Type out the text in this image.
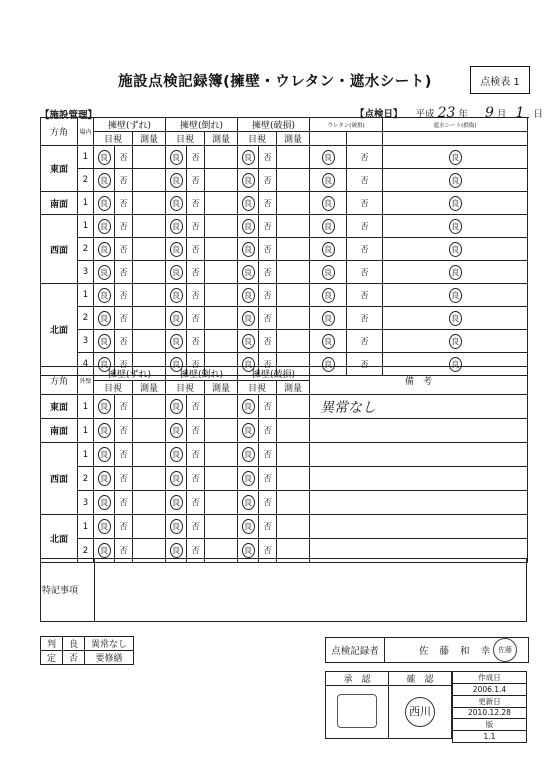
施設点検記録簿(擁壁・ウレタン・遮水シート)	点検表 1
【施設管理】	【点検日】 平成 23 年 9 月 1 日
方角	場内	擁壁(ずれ)			擁壁(倒れ)			擁壁(破損)			ウレタン(破損)		遮水シート(損傷)	
		目視		測量	目視		測量	目視		測量				
東面	1	良	否		良	否		良	否		良	否	良		
	2	良	否		良	否		良	否		良	否	良		
南面	1	良	否		良	否		良	否		良	否	良		
西面	1	良	否		良	否		良	否		良	否	良		
	2	良	否		良	否		良	否		良	否	良		
	3	良	否		良	否		良	否		良	否	良		
北面	1	良	否		良	否		良	否		良	否	良		
	2	良	否		良	否		良	否		良	否	良		
	3	良	否		良	否		良	否		良	否	良		
	4	良	否		良	否		良	否		良	否	良		
方角	外壁	擁壁(ずれ)			擁壁(倒れ)			擁壁(破損)			備　考
		目視		測量	目視		測量	目視		測量	
東面	1	良	否		良	否		良	否		異常なし
南面	1	良	否		良	否		良	否		
西面	1	良	否		良	否		良	否		
	2	良	否		良	否		良	否		
	3	良	否		良	否		良	否		
北面	1	良	否		良	否		良	否		
	2	良	否		良	否		良	否		
特記事項
判	良	異常なし
定	否	要修繕
点検記録者	佐 藤 和 幸 佐藤
承　認	確　認
	西川
作成日
2006.1.4
更新日
2010.12.28
版
1.1
